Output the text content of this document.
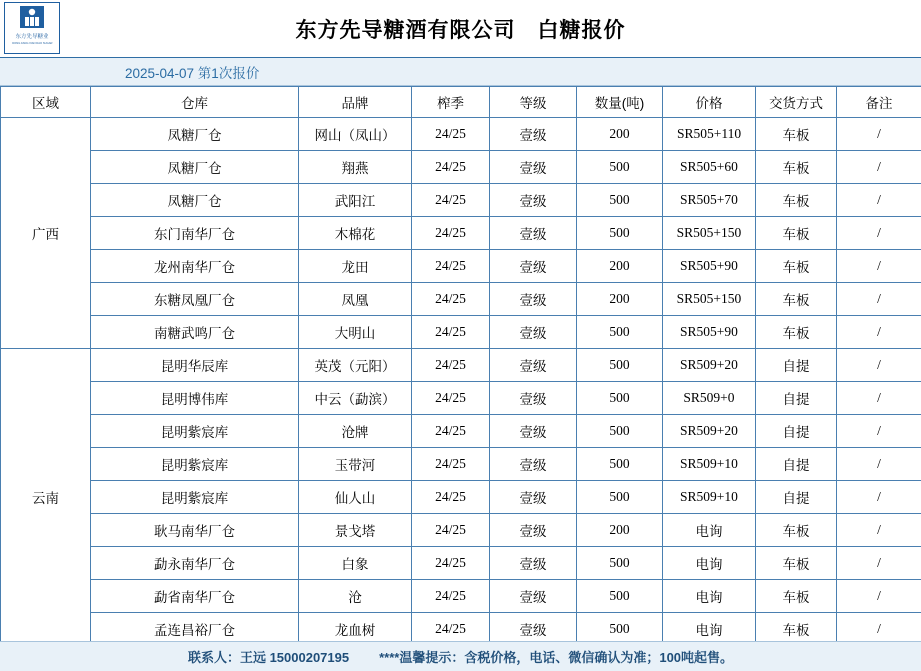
东方先导糖业
DONG FANG XIAN DAO SUGAR
东方先导糖酒有限公司 白糖报价
2025-04-07 第1次报价
区域	仓库	品牌	榨季	等级	数量(吨)	价格	交货方式	备注
广西	凤糖厂仓	网山（凤山）	24/25	壹级	200	SR505+110	车板	/
	凤糖厂仓	翔燕	24/25	壹级	500	SR505+60	车板	/
	凤糖厂仓	武阳江	24/25	壹级	500	SR505+70	车板	/
	东门南华厂仓	木棉花	24/25	壹级	500	SR505+150	车板	/
	龙州南华厂仓	龙田	24/25	壹级	200	SR505+90	车板	/
	东糖凤凰厂仓	凤凰	24/25	壹级	200	SR505+150	车板	/
	南糖武鸣厂仓	大明山	24/25	壹级	500	SR505+90	车板	/
云南	昆明华辰库	英茂（元阳）	24/25	壹级	500	SR509+20	自提	/
	昆明博伟库	中云（勐滨）	24/25	壹级	500	SR509+0	自提	/
	昆明紫宸库	沧牌	24/25	壹级	500	SR509+20	自提	/
	昆明紫宸库	玉带河	24/25	壹级	500	SR509+10	自提	/
	昆明紫宸库	仙人山	24/25	壹级	500	SR509+10	自提	/
	耿马南华厂仓	景戈塔	24/25	壹级	200	电询	车板	/
	勐永南华厂仓	白象	24/25	壹级	500	电询	车板	/
	勐省南华厂仓	沧	24/25	壹级	500	电询	车板	/
	孟连昌裕厂仓	龙血树	24/25	壹级	500	电询	车板	/
联系人：王远 15000207195 ****温馨提示：含税价格，电话、微信确认为准；100吨起售。
